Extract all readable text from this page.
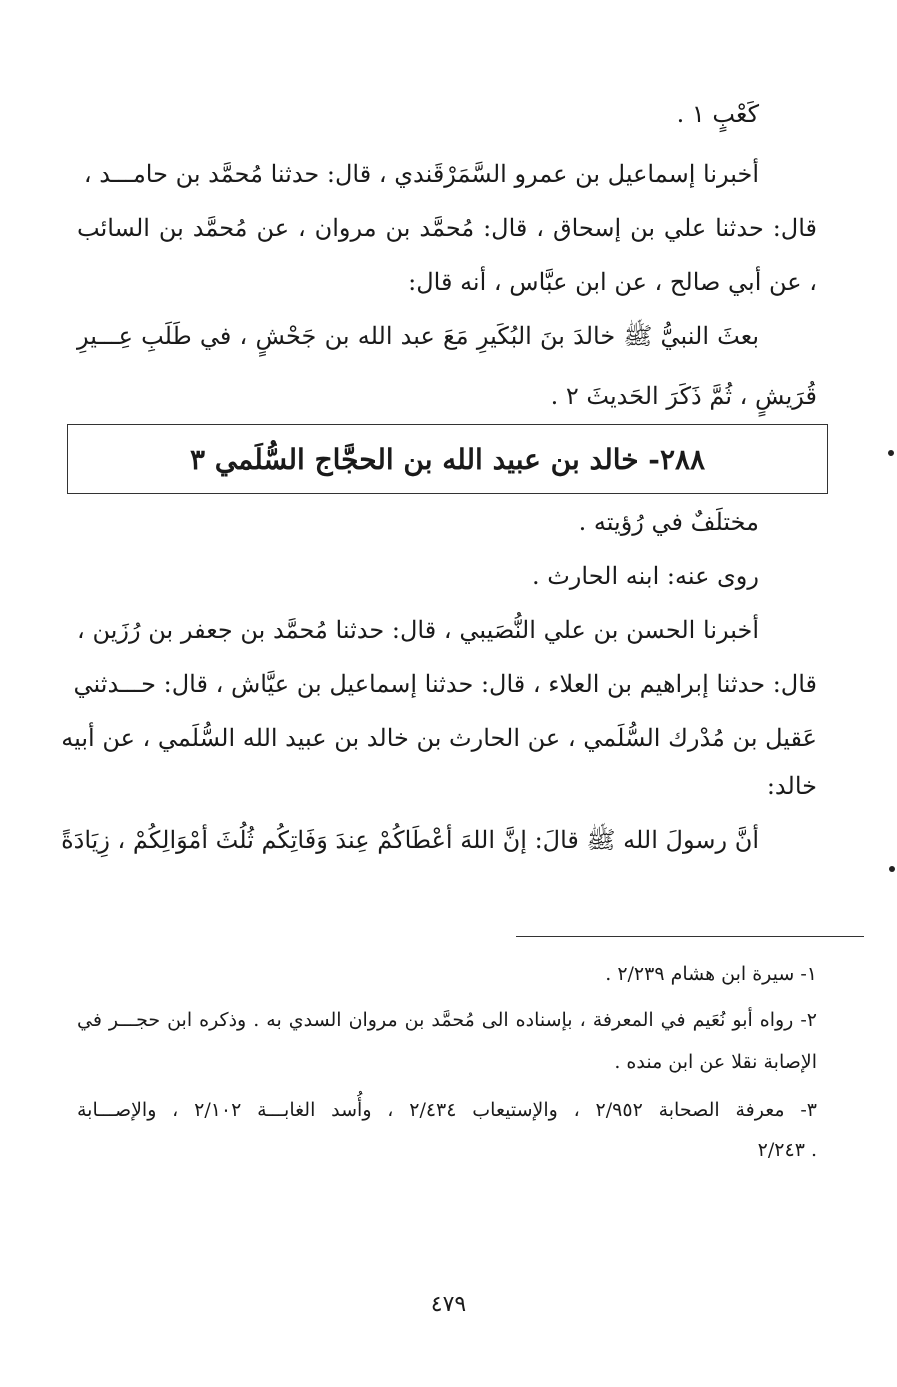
كَعْبٍ ١ .
أخبرنا إسماعيل بن عمرو السَّمَرْقَندي ، قال: حدثنا مُحمَّد بن حامـــد ،
قال: حدثنا علي بن إسحاق ، قال: مُحمَّد بن مروان ، عن مُحمَّد بن السائب
، عن أبي صالح ، عن ابن عبَّاس ، أنه قال:
بعثَ النبيُّ ﷺ خالدَ بنَ البُكَيرِ مَعَ عبد الله بن جَحْشٍ ، في طَلَبِ عِـــيرِ
قُرَيشٍ ، ثُمَّ ذَكَرَ الحَديثَ ٢ .
٢٨٨- خالد بن عبيد الله بن الحجَّاج السُّلَمي ٣
مختلَفٌ في رُؤيته .
روى عنه: ابنه الحارث .
أخبرنا الحسن بن علي النُّصَيبي ، قال: حدثنا مُحمَّد بن جعفر بن رُزَين ،
قال: حدثنا إبراهيم بن العلاء ، قال: حدثنا إسماعيل بن عيَّاش ، قال: حـــدثني
عَقيل بن مُدْرك السُّلَمي ، عن الحارث بن خالد بن عبيد الله السُّلَمي ، عن أبيه
خالد:
أنَّ رسولَ الله ﷺ قالَ: إنَّ اللهَ أعْطَاكُمْ عِندَ وَفَاتِكُم ثُلُثَ أمْوَالِكُمْ ، زِيَادَةً
١- سيرة ابن هشام ٢/٢٣٩ .
٢- رواه أبو نُعَيم في المعرفة ، بإسناده الى مُحمَّد بن مروان السدي به . وذكره ابن حجـــر في
الإصابة نقلا عن ابن منده .
٣- معرفة الصحابة ٢/٩٥٢ ، والإستيعاب ٢/٤٣٤ ، وأُسد الغابـــة ٢/١٠٢ ، والإصـــابة
٢/٢٤٣ .
٤٧٩
